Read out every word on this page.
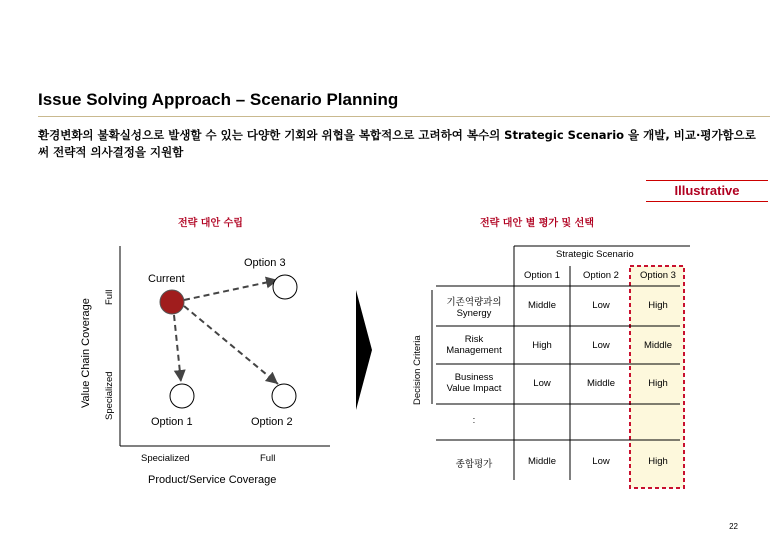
Issue Solving Approach – Scenario Planning
환경변화의 불확실성으로 발생할 수 있는 다양한 기회와 위협을 복합적으로 고려하여 복수의 Strategic Scenario 을 개발, 비교·평가함으로써 전략적 의사결정을 지원함
Illustrative
전략 대안 수립	전략 대안 별 평가 및 선택
Current
Option 3
Option 1	Option 2
Specialized	Full
Product/Service Coverage
Value Chain Coverage Specialized
Full
Strategic Scenario
Decision Criteria
Option 1	Option 2	Option 3
기존역량과의
Synergy
Middle	Low	High
Risk
Management	High	Low	Middle
Business
Value Impact	Low	Middle	High
:
종합평가	Middle	Low	High
22
